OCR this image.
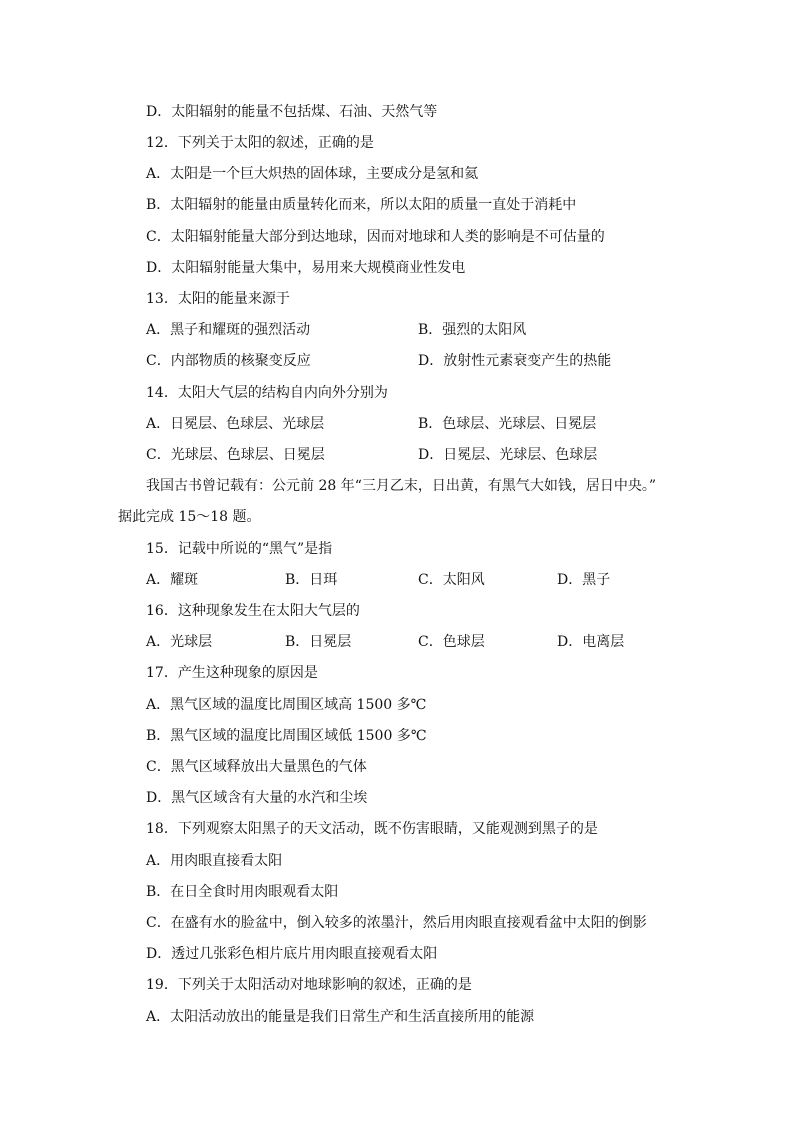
D．太阳辐射的能量不包括煤、石油、天然气等
12．下列关于太阳的叙述，正确的是
A．太阳是一个巨大炽热的固体球，主要成分是氢和氦
B．太阳辐射的能量由质量转化而来，所以太阳的质量一直处于消耗中
C．太阳辐射能量大部分到达地球，因而对地球和人类的影响是不可估量的
D．太阳辐射能量大集中，易用来大规模商业性发电
13．太阳的能量来源于
A．黑子和耀斑的强烈活动	B．强烈的太阳风
C．内部物质的核聚变反应	D．放射性元素衰变产生的热能
14．太阳大气层的结构自内向外分别为
A．日冕层、色球层、光球层	B．色球层、光球层、日冕层
C．光球层、色球层、日冕层	D．日冕层、光球层、色球层
我国古书曾记载有：公元前 28 年“三月乙末，日出黄，有黑气大如钱，居日中央。”
据此完成 15～18 题。
15．记载中所说的“黑气”是指
A．耀斑	B．日珥	C．太阳风	D．黑子
16．这种现象发生在太阳大气层的
A．光球层	B．日冕层	C．色球层	D．电离层
17．产生这种现象的原因是
A．黑气区域的温度比周围区域高 1500 多℃
B．黑气区域的温度比周围区域低 1500 多℃
C．黑气区域释放出大量黑色的气体
D．黑气区域含有大量的水汽和尘埃
18．下列观察太阳黑子的天文活动，既不伤害眼睛，又能观测到黑子的是
A．用肉眼直接看太阳
B．在日全食时用肉眼观看太阳
C．在盛有水的脸盆中，倒入较多的浓墨汁，然后用肉眼直接观看盆中太阳的倒影
D．透过几张彩色相片底片用肉眼直接观看太阳
19．下列关于太阳活动对地球影响的叙述，正确的是
A．太阳活动放出的能量是我们日常生产和生活直接所用的能源
